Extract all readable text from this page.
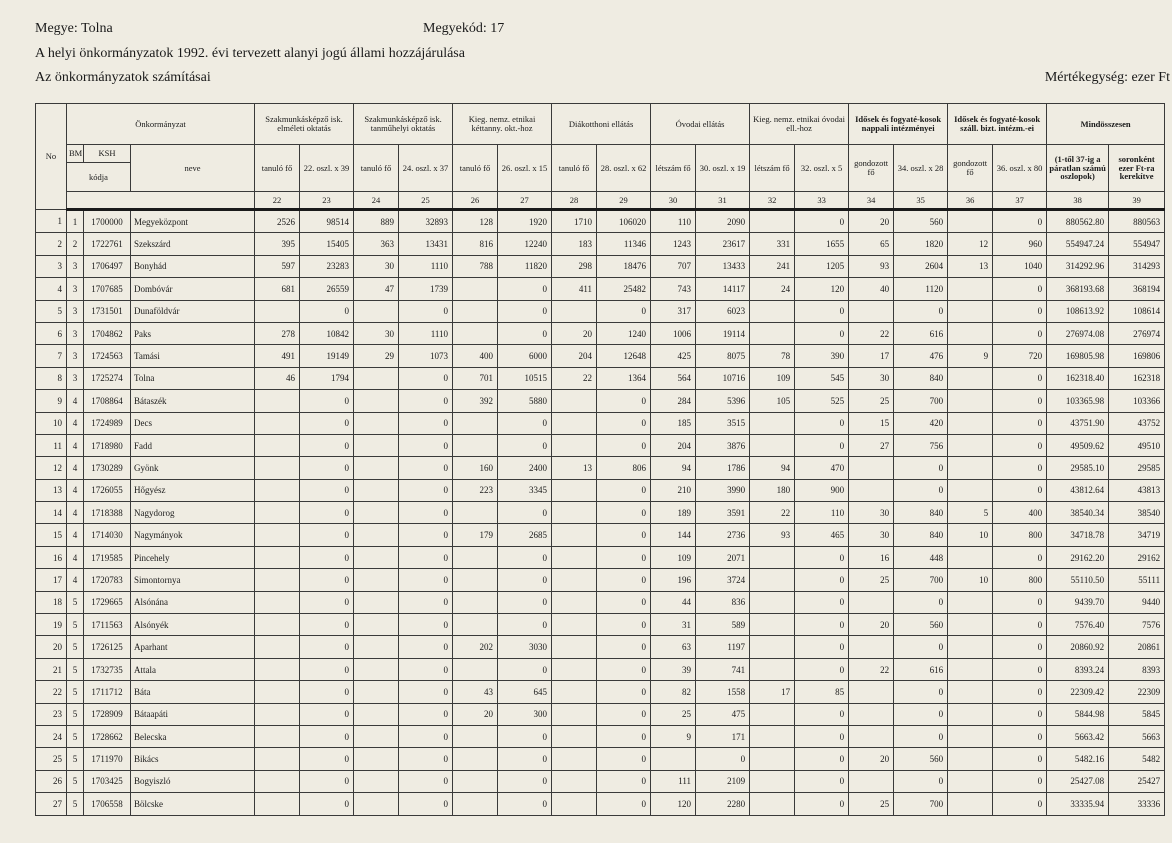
Megye: Tolna	Megyekód: 17
A helyi önkormányzatok 1992. évi tervezett alanyi jogú állami hozzájárulása
Az önkormányzatok számításai	Mértékegység: ezer Ft
No	Önkormányzat			Szakmunkásképző isk. elméleti oktatás		Szakmunkásképző isk. tanműhelyi oktatás		Kieg. nemz. etnikai kéttanny. okt.-hoz		Diákotthoni ellátás		Óvodai ellátás		Kieg. nemz. etnikai óvodai ell.-hoz		Idősek és fogyaté-kosok nappali intézményei		Idősek és fogyaté-kosok száll. bizt. intézm.-ei		Mindösszesen	
	BM	KSH	neve	tanuló fő	22. oszl. x 39	tanuló fő	24. oszl. x 37	tanuló fő	26. oszl. x 15	tanuló fő	28. oszl. x 62	létszám fő	30. oszl. x 19	létszám fő	32. oszl. x 5	gondozott fő	34. oszl. x 28	gondozott fő	36. oszl. x 80	(1-től 37-ig a páratlan számú oszlopok)	soronként ezer Ft-ra kerekítve
	kódja																				
				22	23	24	25	26	27	28	29	30	31	32	33	34	35	36	37	38	39
1	1	1700000	Megyeközpont	2526	98514	889	32893	128	1920	1710	106020	110	2090		0	20	560		0	880562.80	880563
2	2	1722761	Szekszárd	395	15405	363	13431	816	12240	183	11346	1243	23617	331	1655	65	1820	12	960	554947.24	554947
3	3	1706497	Bonyhád	597	23283	30	1110	788	11820	298	18476	707	13433	241	1205	93	2604	13	1040	314292.96	314293
4	3	1707685	Dombóvár	681	26559	47	1739		0	411	25482	743	14117	24	120	40	1120		0	368193.68	368194
5	3	1731501	Dunaföldvár		0		0		0		0	317	6023		0		0		0	108613.92	108614
6	3	1704862	Paks	278	10842	30	1110		0	20	1240	1006	19114		0	22	616		0	276974.08	276974
7	3	1724563	Tamási	491	19149	29	1073	400	6000	204	12648	425	8075	78	390	17	476	9	720	169805.98	169806
8	3	1725274	Tolna	46	1794		0	701	10515	22	1364	564	10716	109	545	30	840		0	162318.40	162318
9	4	1708864	Bátaszék		0		0	392	5880		0	284	5396	105	525	25	700		0	103365.98	103366
10	4	1724989	Decs		0		0		0		0	185	3515		0	15	420		0	43751.90	43752
11	4	1718980	Fadd		0		0		0		0	204	3876		0	27	756		0	49509.62	49510
12	4	1730289	Gyönk		0		0	160	2400	13	806	94	1786	94	470		0		0	29585.10	29585
13	4	1726055	Hőgyész		0		0	223	3345		0	210	3990	180	900		0		0	43812.64	43813
14	4	1718388	Nagydorog		0		0		0		0	189	3591	22	110	30	840	5	400	38540.34	38540
15	4	1714030	Nagymányok		0		0	179	2685		0	144	2736	93	465	30	840	10	800	34718.78	34719
16	4	1719585	Pincehely		0		0		0		0	109	2071		0	16	448		0	29162.20	29162
17	4	1720783	Simontornya		0		0		0		0	196	3724		0	25	700	10	800	55110.50	55111
18	5	1729665	Alsónána		0		0		0		0	44	836		0		0		0	9439.70	9440
19	5	1711563	Alsónyék		0		0		0		0	31	589		0	20	560		0	7576.40	7576
20	5	1726125	Aparhant		0		0	202	3030		0	63	1197		0		0		0	20860.92	20861
21	5	1732735	Attala		0		0		0		0	39	741		0	22	616		0	8393.24	8393
22	5	1711712	Báta		0		0	43	645		0	82	1558	17	85		0		0	22309.42	22309
23	5	1728909	Bátaapáti		0		0	20	300		0	25	475		0		0		0	5844.98	5845
24	5	1728662	Belecska		0		0		0		0	9	171		0		0		0	5663.42	5663
25	5	1711970	Bikács		0		0		0		0		0		0	20	560		0	5482.16	5482
26	5	1703425	Bogyiszló		0		0		0		0	111	2109		0		0		0	25427.08	25427
27	5	1706558	Bölcske		0		0		0		0	120	2280		0	25	700		0	33335.94	33336
